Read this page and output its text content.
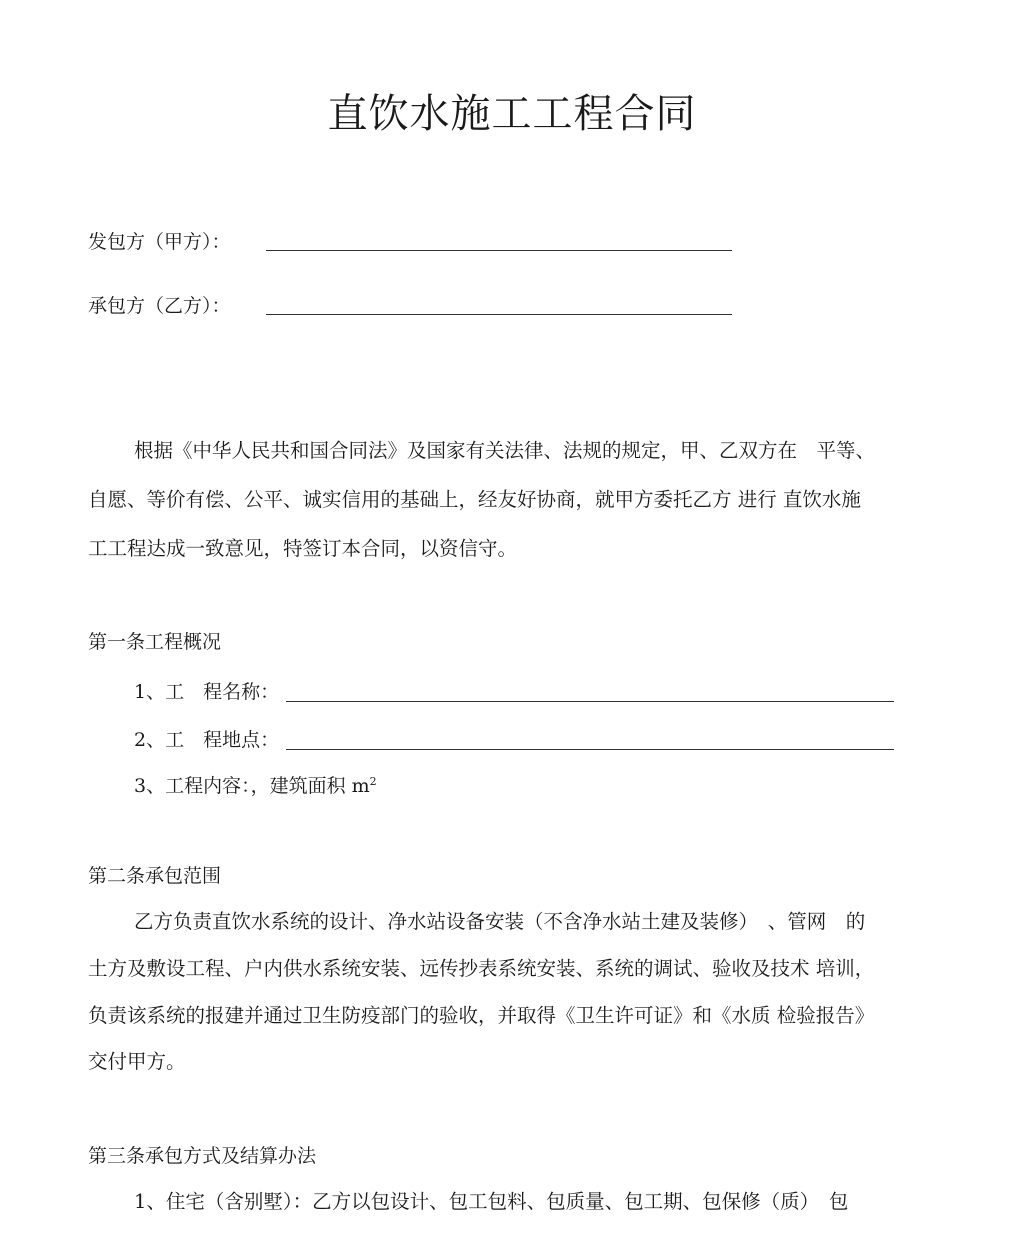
直饮水施工工程合同
发包方（甲方）：
承包方（乙方）：
根据《中华人民共和国合同法》及国家有关法律、法规的规定，甲、乙双方在　平等、
自愿、等价有偿、公平、诚实信用的基础上，经友好协商，就甲方委托乙方 进行 直饮水施
工工程达成一致意见，特签订本合同，以资信守。
第一条工程概况
1、工　程名称：
2、工　程地点：
3、工程内容：，建筑面积 $m^2$
第二条承包范围
乙方负责直饮水系统的设计、净水站设备安装（不含净水站土建及装修）　、管网　的
土方及敷设工程、户内供水系统安装、远传抄表系统安装、系统的调试、验收及技术 培训，
负责该系统的报建并通过卫生防疫部门的验收，并取得《卫生许可证》和《水质 检验报告》
交付甲方。
第三条承包方式及结算办法
1、住宅（含别墅）：乙方以包设计、包工包料、包质量、包工期、包保修（质）　包
